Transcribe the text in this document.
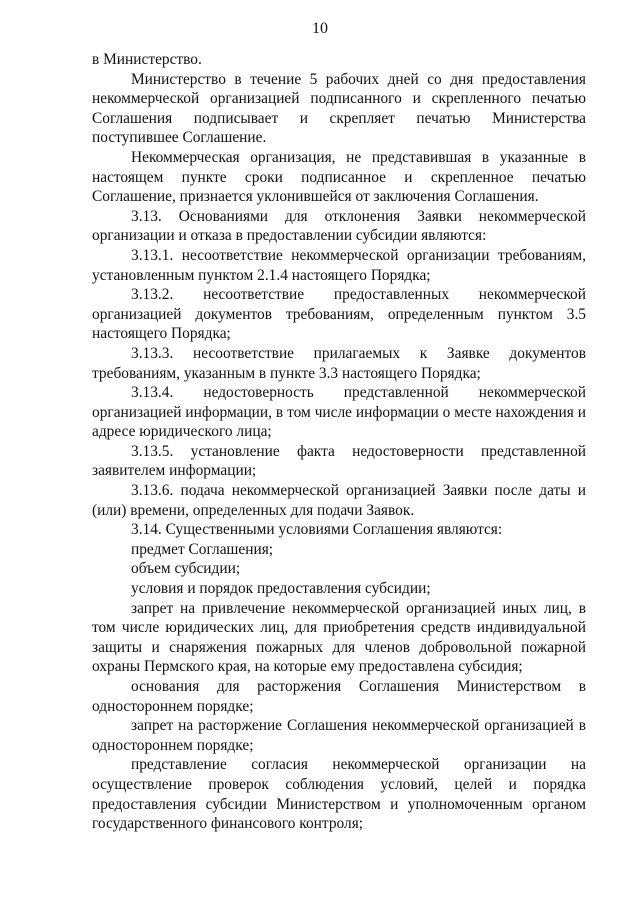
10

в Министерство.

Министерство в течение 5 рабочих дней со дня предоставления некоммерческой организацией подписанного и скрепленного печатью Соглашения подписывает и скрепляет печатью Министерства поступившее Соглашение.

Некоммерческая организация, не представившая в указанные в настоящем пункте сроки подписанное и скрепленное печатью Соглашение, признается уклонившейся от заключения Соглашения.

3.13. Основаниями для отклонения Заявки некоммерческой организации и отказа в предоставлении субсидии являются:

3.13.1. несоответствие некоммерческой организации требованиям, установленным пунктом 2.1.4 настоящего Порядка;

3.13.2. несоответствие предоставленных некоммерческой организацией документов требованиям, определенным пунктом 3.5 настоящего Порядка;

3.13.3. несоответствие прилагаемых к Заявке документов требованиям, указанным в пункте 3.3 настоящего Порядка;

3.13.4. недостоверность представленной некоммерческой организацией информации, в том числе информации о месте нахождения и адресе юридического лица;

3.13.5. установление факта недостоверности представленной заявителем информации;

3.13.6. подача некоммерческой организацией Заявки после даты и (или) времени, определенных для подачи Заявок.

3.14. Существенными условиями Соглашения являются:

предмет Соглашения;

объем субсидии;

условия и порядок предоставления субсидии;

запрет на привлечение некоммерческой организацией иных лиц, в том числе юридических лиц, для приобретения средств индивидуальной защиты и снаряжения пожарных для членов добровольной пожарной охраны Пермского края, на которые ему предоставлена субсидия;

основания для расторжения Соглашения Министерством в одностороннем порядке;

запрет на расторжение Соглашения некоммерческой организацией в одностороннем порядке;

представление согласия некоммерческой организации на осуществление проверок соблюдения условий, целей и порядка предоставления субсидии Министерством и уполномоченным органом государственного финансового контроля;
